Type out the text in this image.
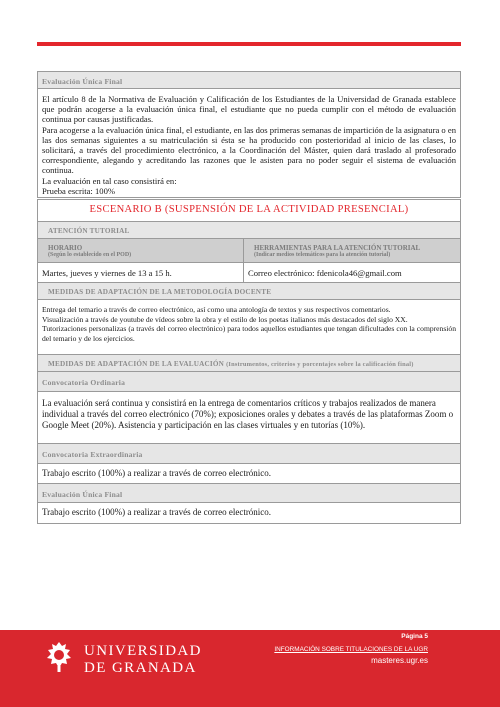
Evaluación Única Final

El artículo 8 de la Normativa de Evaluación y Calificación de los Estudiantes de la Universidad de Granada establece que podrán acogerse a la evaluación única final, el estudiante que no pueda cumplir con el método de evaluación continua por causas justificadas.

Para acogerse a la evaluación única final, el estudiante, en las dos primeras semanas de impartición de la asignatura o en las dos semanas siguientes a su matriculación si ésta se ha producido con posterioridad al inicio de las clases, lo solicitará, a través del procedimiento electrónico, a la Coordinación del Máster, quien dará traslado al profesorado correspondiente, alegando y acreditando las razones que le asisten para no poder seguir el sistema de evaluación continua.

La evaluación en tal caso consistirá en:

Prueba escrita: 100%

ESCENARIO B (SUSPENSIÓN DE LA ACTIVIDAD PRESENCIAL)
ATENCIÓN TUTORIAL
HORARIO
(Según lo establecido en el POD)
HERRAMIENTAS PARA LA ATENCIÓN TUTORIAL
(Indicar medios telemáticos para la atención tutorial)
Martes, jueves y viernes de 13 a 15 h.	Correo electrónico: fdenicola46@gmail.com
MEDIDAS DE ADAPTACIÓN DE LA METODOLOGÍA DOCENTE

Entrega del temario a través de correo electrónico, así como una antología de textos y sus respectivos comentarios.

Visualización a través de youtube de vídeos sobre la obra y el estilo de los poetas italianos más destacados del siglo XX.

Tutorizaciones personalizas (a través del correo electrónico) para todos aquellos estudiantes que tengan dificultades con la comprensión del temario y de los ejercicios.

MEDIDAS DE ADAPTACIÓN DE LA EVALUACIÓN (Instrumentos, criterios y porcentajes sobre la calificación final)
Convocatoria Ordinaria

La evaluación será continua y consistirá en la entrega de comentarios críticos y trabajos realizados de manera individual a través del correo electrónico (70%); exposiciones orales y debates a través de las plataformas Zoom o Google Meet (20%). Asistencia y participación en las clases virtuales y en tutorías (10%).

Convocatoria Extraordinaria

Trabajo escrito (100%) a realizar a través de correo electrónico.

Evaluación Única Final

Trabajo escrito (100%) a realizar a través de correo electrónico.

UNIVERSIDAD
DE GRANADA
Página 5
INFORMACIÓN SOBRE TITULACIONES DE LA UGR
masteres.ugr.es
